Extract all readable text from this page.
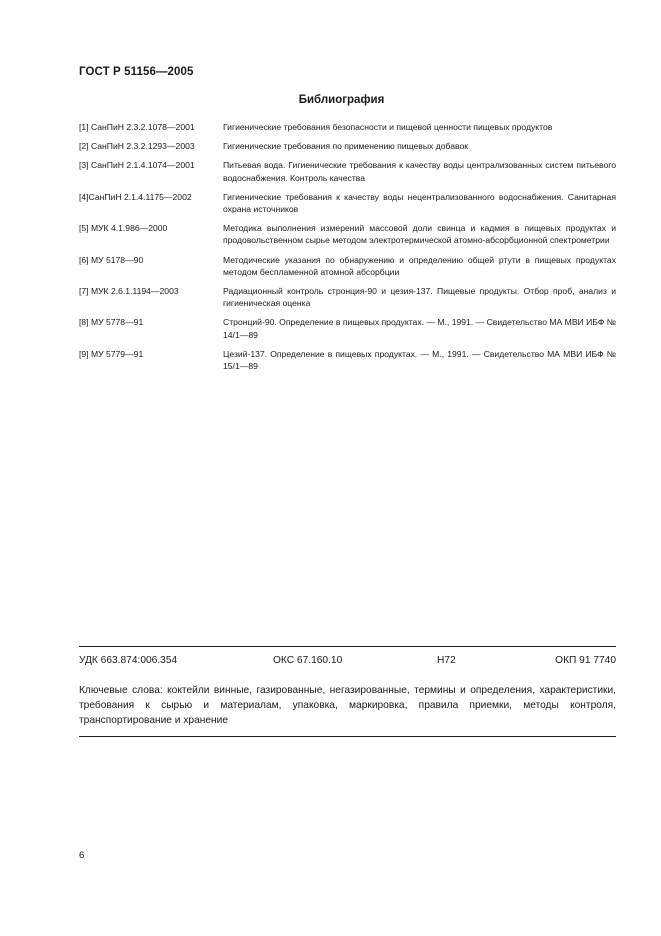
ГОСТ Р 51156—2005
Библиография
[1] СанПиН 2.3.2.1078—2001	Гигиенические требования безопасности и пищевой ценности пищевых продуктов
[2] СанПиН 2.3.2.1293—2003	Гигиенические требования по применению пищевых добавок
[3] СанПиН 2.1.4.1074—2001	Питьевая вода. Гигиенические требования к качеству воды централизованных систем питьевого водоснабжения. Контроль качества
[4]СанПиН 2.1.4.1175—2002	Гигиенические требования к качеству воды нецентрализованного водоснабжения. Санитарная охрана источников
[5] МУК 4.1.986—2000	Методика выполнения измерений массовой доли свинца и кадмия в пищевых продуктах и продовольственном сырье методом электротермической атомно-абсорбционной спектрометрии
[6] МУ 5178—90	Методические указания по обнаружению и определению общей ртути в пищевых продуктах методом беспламенной атомной абсорбции
[7] МУК 2.6.1.1194—2003	Радиационный контроль стронция-90 и цезия-137. Пищевые продукты. Отбор проб, анализ и гигиеническая оценка
[8] МУ 5778—91	Стронций-90. Определение в пищевых продуктах. — М., 1991. — Свидетельство МА МВИ ИБФ № 14/1—89
[9] МУ 5779—91	Цезий-137. Определение в пищевых продуктах. — М., 1991. — Свидетельство МА МВИ ИБФ № 15/1—89
УДК 663.874:006.354	ОКС 67.160.10	Н72	ОКП 91 7740
Ключевые слова: коктейли винные, газированные, негазированные, термины и определения, характеристики, требования к сырью и материалам, упаковка, маркировка, правила приемки, методы контроля, транспортирование и хранение
6
